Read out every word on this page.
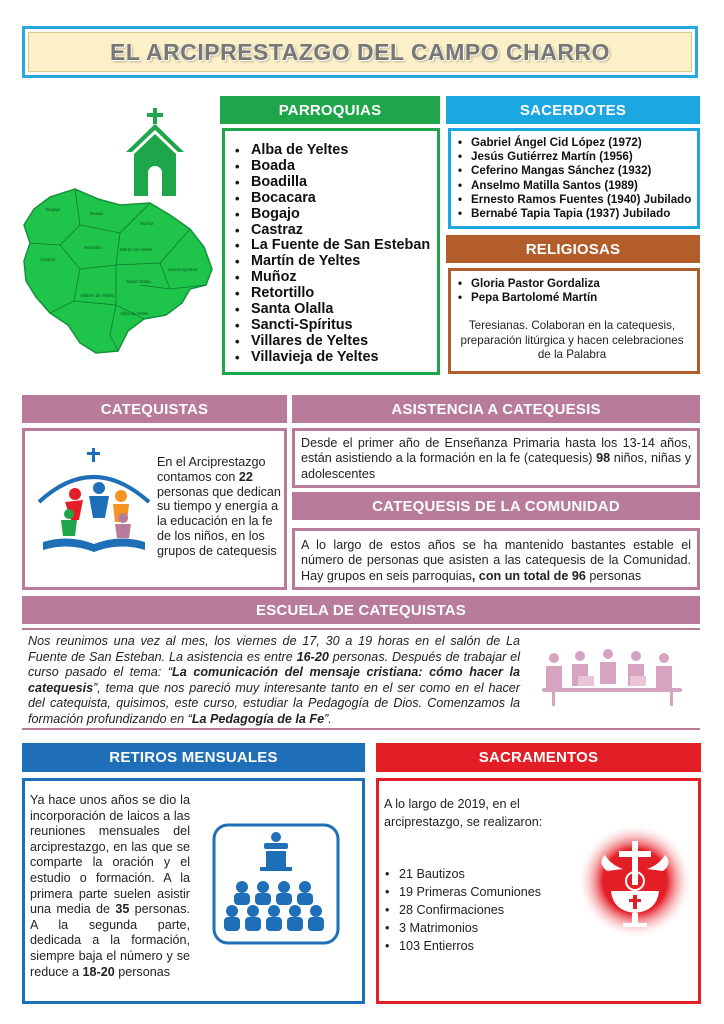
EL ARCIPRESTAZGO DEL CAMPO CHARRO
Bogajo
Castraz
Boada
Muñoz
Retortillo	Martín de Yeltes
Sancti-Spíritus
Santa Olalla
Villares de Yeltes
Alba de Yeltes
PARROQUIAS
• Alba de Yeltes
• Boada
• Boadilla
• Bocacara
• Bogajo
• Castraz
• La Fuente de San Esteban
• Martín de Yeltes
• Muñoz
• Retortillo
• Santa Olalla
• Sancti-Spíritus
• Villares de Yeltes
• Villavieja de Yeltes
SACERDOTES
• Gabriel Ángel Cid López (1972)
• Jesús Gutiérrez Martín (1956)
• Ceferino Mangas Sánchez (1932)
• Anselmo Matilla Santos (1989)
• Ernesto Ramos Fuentes (1940) Jubilado
• Bernabé Tapia Tapia (1937) Jubilado
RELIGIOSAS
• Gloria Pastor Gordaliza
• Pepa Bartolomé Martín
Teresianas. Colaboran en la catequesis, preparación litúrgica y hacen celebraciones de la Palabra
CATEQUISTAS
En el Arciprestazgo contamos con 22 personas que dedican su tiempo y energía a la educación en la fe de los niños, en los grupos de catequesis
ASISTENCIA A CATEQUESIS
Desde el primer año de Enseñanza Primaria hasta los 13-14 años, están asistiendo a la formación en la fe (catequesis) 98 niños, niñas y adolescentes
CATEQUESIS DE LA COMUNIDAD
A lo largo de estos años se ha mantenido bastantes estable el número de personas que asisten a las catequesis de la Comunidad. Hay grupos en seis parroquias, con un total de 96 personas
ESCUELA DE CATEQUISTAS
Nos reunimos una vez al mes, los viernes de 17, 30 a 19 horas en el salón de La Fuente de San Esteban. La asistencia es entre 16-20 personas. Después de trabajar el curso pasado el tema: “La comunicación del mensaje cristiana: cómo hacer la catequesis”, tema que nos pareció muy interesante tanto en el ser como en el hacer del catequista, quisimos, este curso, estudiar la Pedagogía de Dios. Comenzamos la formación profundizando en “La Pedagogía de la Fe”.
RETIROS MENSUALES
Ya hace unos años se dio la incorporación de laicos a las reuniones mensuales del arciprestazgo, en las que se comparte la oración y el estudio o formación. A la primera parte suelen asistir una media de 35 personas. A la segunda parte, dedicada a la formación, siempre baja el número y se reduce a 18-20 personas
SACRAMENTOS
A lo largo de 2019, en el arciprestazgo, se realizaron:
• 21 Bautizos
• 19 Primeras Comuniones
• 28 Confirmaciones
• 3 Matrimonios
• 103 Entierros
